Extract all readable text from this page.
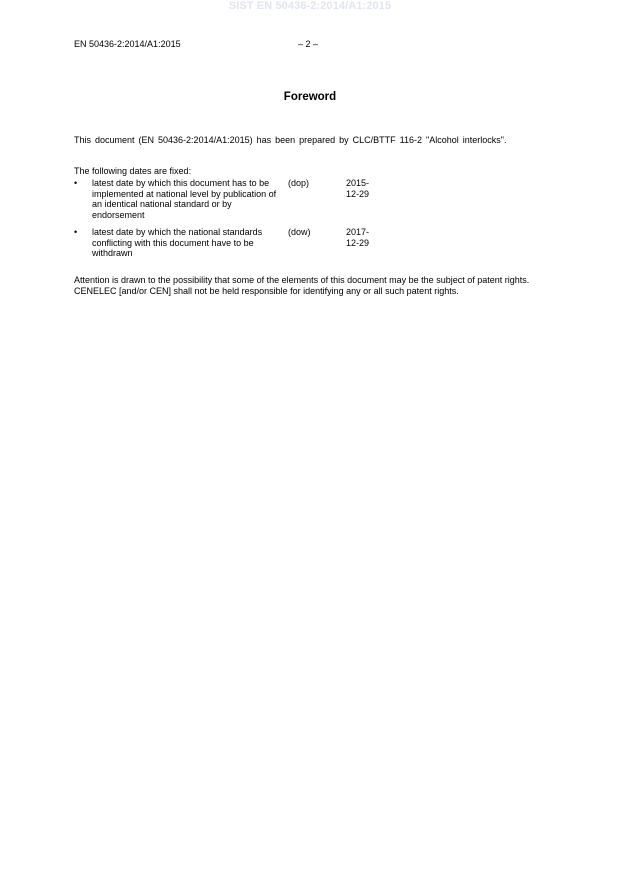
SIST EN 50436-2:2014/A1:2015
EN 50436-2:2014/A1:2015	– 2 –
Foreword

This document (EN 50436-2:2014/A1:2015) has been prepared by CLC/BTTF 116-2 "Alcohol interlocks".

The following dates are fixed:
• latest date by which this document has to be implemented at national level by publication of an identical national standard or by endorsement
(dop)	2015-12-29
• latest date by which the national standards conflicting with this document have to be withdrawn
(dow)	2017-12-29

Attention is drawn to the possibility that some of the elements of this document may be the subject of patent rights. CENELEC [and/or CEN] shall not be held responsible for identifying any or all such patent rights.
